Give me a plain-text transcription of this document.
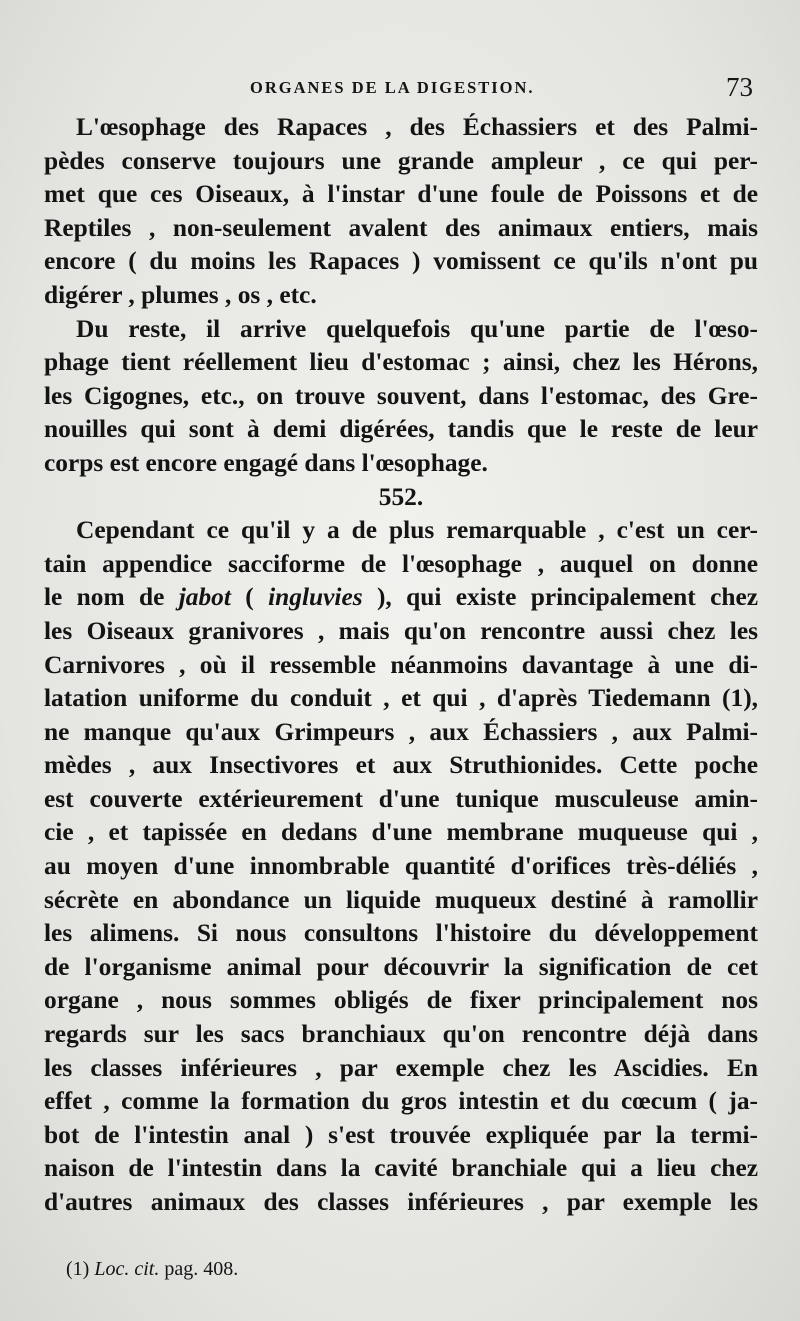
ORGANES DE LA DIGESTION.	73
L'œsophage des Rapaces , des Échassiers et des Palmi-
pèdes conserve toujours une grande ampleur , ce qui per-
met que ces Oiseaux, à l'instar d'une foule de Poissons et de
Reptiles , non-seulement avalent des animaux entiers, mais
encore ( du moins les Rapaces ) vomissent ce qu'ils n'ont pu
digérer , plumes , os , etc.
Du reste, il arrive quelquefois qu'une partie de l'œso-
phage tient réellement lieu d'estomac ; ainsi, chez les Hérons,
les Cigognes, etc., on trouve souvent, dans l'estomac, des Gre-
nouilles qui sont à demi digérées, tandis que le reste de leur
corps est encore engagé dans l'œsophage.
552.
Cependant ce qu'il y a de plus remarquable , c'est un cer-
tain appendice sacciforme de l'œsophage , auquel on donne
le nom de jabot ( ingluvies ), qui existe principalement chez
les Oiseaux granivores , mais qu'on rencontre aussi chez les
Carnivores , où il ressemble néanmoins davantage à une di-
latation uniforme du conduit , et qui , d'après Tiedemann (1),
ne manque qu'aux Grimpeurs , aux Échassiers , aux Palmi-
mèdes , aux Insectivores et aux Struthionides. Cette poche
est couverte extérieurement d'une tunique musculeuse amin-
cie , et tapissée en dedans d'une membrane muqueuse qui ,
au moyen d'une innombrable quantité d'orifices très-déliés ,
sécrète en abondance un liquide muqueux destiné à ramollir
les alimens. Si nous consultons l'histoire du développement
de l'organisme animal pour découvrir la signification de cet
organe , nous sommes obligés de fixer principalement nos
regards sur les sacs branchiaux qu'on rencontre déjà dans
les classes inférieures , par exemple chez les Ascidies. En
effet , comme la formation du gros intestin et du cœcum ( ja-
bot de l'intestin anal ) s'est trouvée expliquée par la termi-
naison de l'intestin dans la cavité branchiale qui a lieu chez
d'autres animaux des classes inférieures , par exemple les
(1) Loc. cit. pag. 408.
